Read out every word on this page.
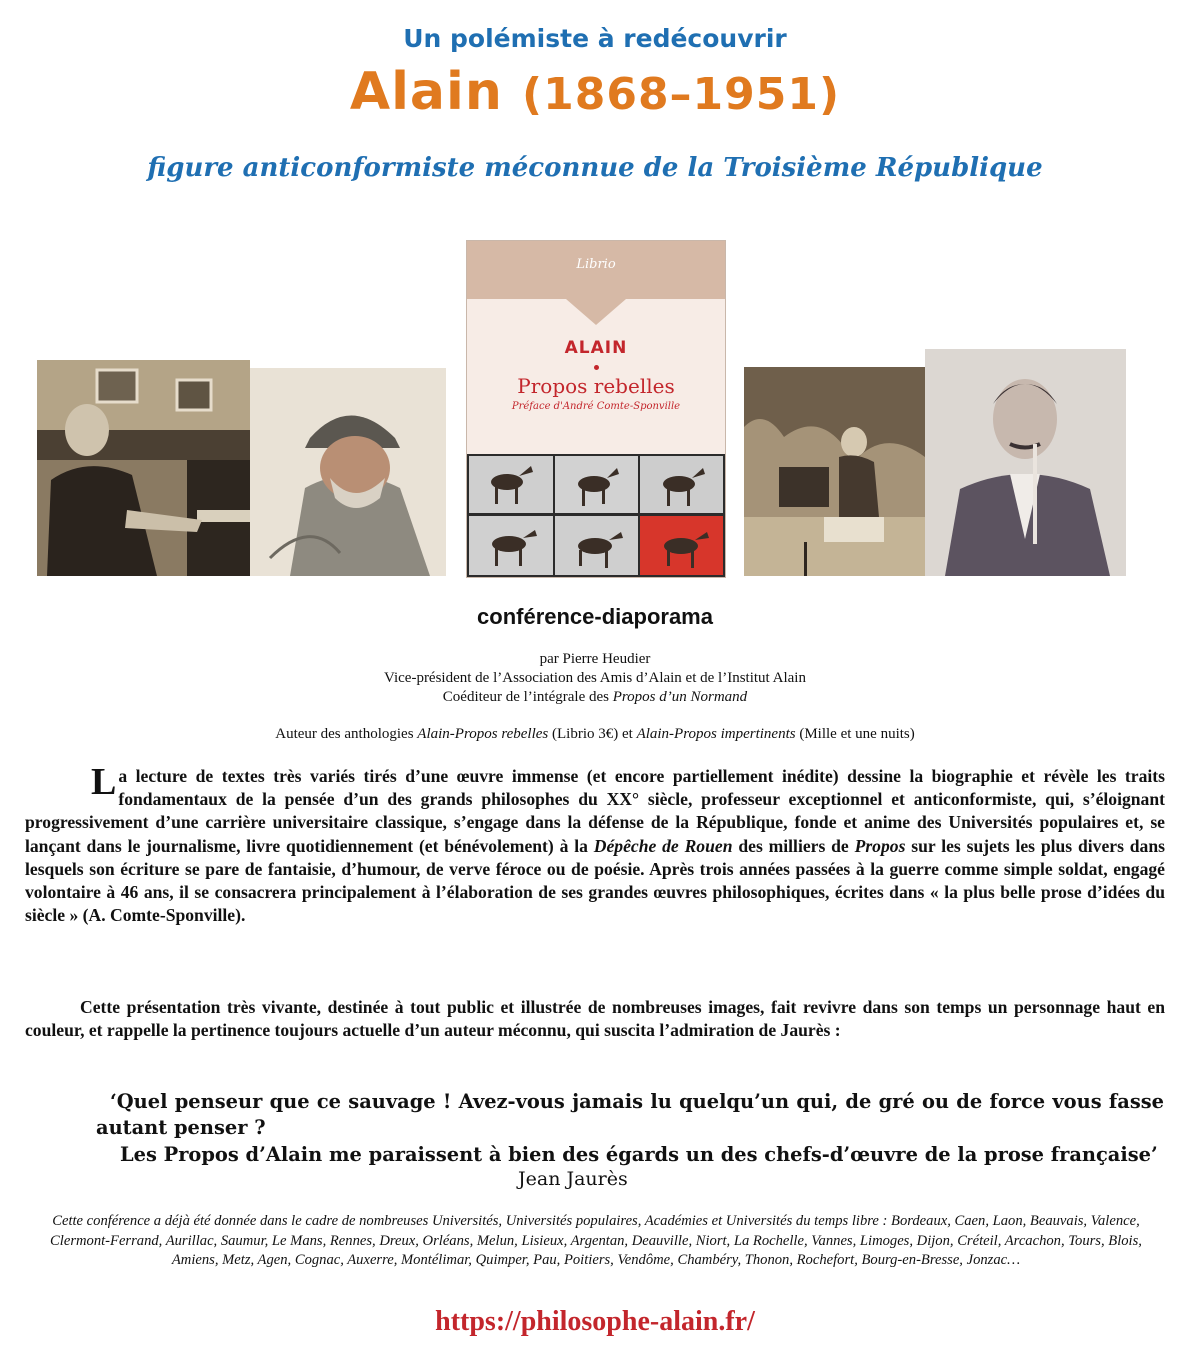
Un polémiste à redécouvrir
Alain (1868–1951)
figure anticonformiste méconnue de la Troisième République
Librio
ALAIN
Propos rebelles
Préface d'André Comte-Sponville
conférence-diaporama
par Pierre Heudier
Vice-président de l’Association des Amis d’Alain et de l’Institut Alain
Coéditeur de l’intégrale des Propos d’un Normand
Auteur des anthologies Alain-Propos rebelles (Librio 3€) et Alain-Propos impertinents (Mille et une nuits)
L a lecture de textes très variés tirés d’une œuvre immense (et encore partiellement inédite) dessine la biographie et révèle les traits fondamentaux de la pensée d’un des grands philosophes du XX° siècle, professeur exceptionnel et anticonformiste, qui, s’éloignant progressivement d’une carrière universitaire classique, s’engage dans la défense de la République, fonde et anime des Universités populaires et, se lançant dans le journalisme, livre quotidiennement (et bénévolement) à la Dépêche de Rouen des milliers de Propos sur les sujets les plus divers dans lesquels son écriture se pare de fantaisie, d’humour, de verve féroce ou de poésie. Après trois années passées à la guerre comme simple soldat, engagé volontaire à 46 ans, il se consacrera principalement à l’élaboration de ses grandes œuvres philosophiques, écrites dans « la plus belle prose d’idées du siècle » (A. Comte-Sponville).
Cette présentation très vivante, destinée à tout public et illustrée de nombreuses images, fait revivre dans son temps un personnage haut en couleur, et rappelle la pertinence toujours actuelle d’un auteur méconnu, qui suscita l’admiration de Jaurès :
‘Quel penseur que ce sauvage ! Avez-vous jamais lu quelqu’un qui, de gré ou de force vous fasse autant penser ?
Les Propos d’Alain me paraissent à bien des égards un des chefs-d’œuvre de la prose française’
Jean Jaurès
Cette conférence a déjà été donnée dans le cadre de nombreuses Universités, Universités populaires, Académies et Universités du temps libre : Bordeaux, Caen, Laon, Beauvais, Valence, Clermont-Ferrand, Aurillac, Saumur, Le Mans, Rennes, Dreux, Orléans, Melun, Lisieux, Argentan, Deauville, Niort, La Rochelle, Vannes, Limoges, Dijon, Créteil, Arcachon, Tours, Blois, Amiens, Metz, Agen, Cognac, Auxerre, Montélimar, Quimper, Pau, Poitiers, Vendôme, Chambéry, Thonon, Rochefort, Bourg-en-Bresse, Jonzac…
https://philosophe-alain.fr/
